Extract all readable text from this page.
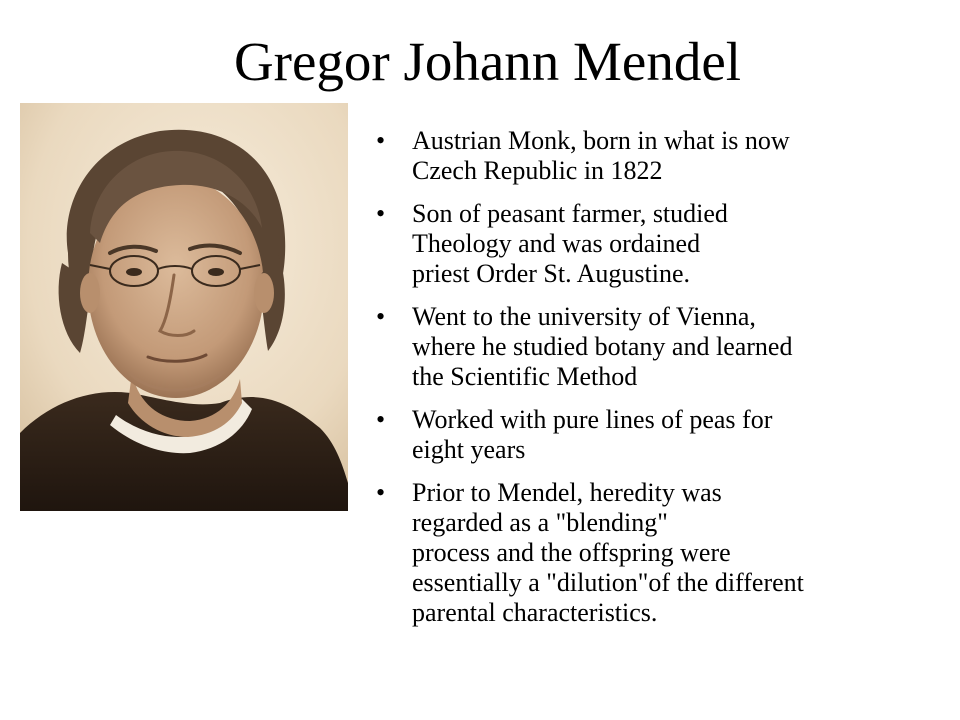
Gregor Johann Mendel
•	Austrian Monk, born in what is now
Czech Republic in 1822
•	Son of peasant farmer, studied
Theology and was ordained
priest Order St. Augustine.
•	Went to the university of Vienna,
where he studied botany and learned
the Scientific Method
•	Worked with pure lines of peas for
eight years
•	Prior to Mendel, heredity was
regarded as a "blending"
process and the offspring were
essentially a "dilution"of the different
parental characteristics.
